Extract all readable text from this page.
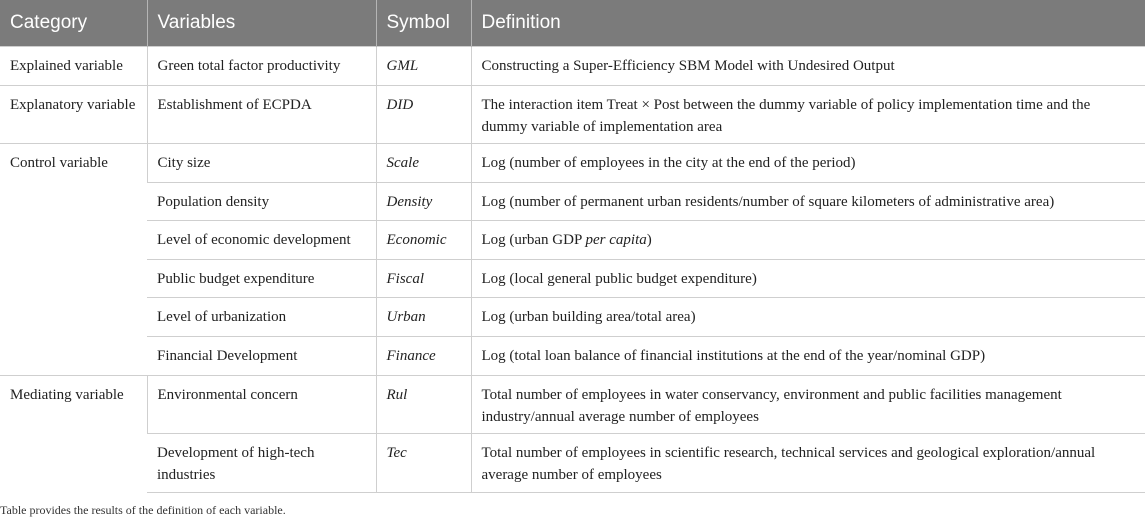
Category	Variables	Symbol	Definition
Explained variable	Green total factor productivity	GML	Constructing a Super-Efficiency SBM Model with Undesired Output
Explanatory variable	Establishment of ECPDA	DID	The interaction item Treat × Post between the dummy variable of policy implementation time and the dummy variable of implementation area
Control variable	City size	Scale	Log (number of employees in the city at the end of the period)
	Population density	Density	Log (number of permanent urban residents/number of square kilometers of administrative area)
	Level of economic development	Economic	Log (urban GDP per capita)
	Public budget expenditure	Fiscal	Log (local general public budget expenditure)
	Level of urbanization	Urban	Log (urban building area/total area)
	Financial Development	Finance	Log (total loan balance of financial institutions at the end of the year/nominal GDP)
Mediating variable	Environmental concern	Rul	Total number of employees in water conservancy, environment and public facilities management industry/annual average number of employees
	Development of high-tech industries	Tec	Total number of employees in scientific research, technical services and geological exploration/annual average number of employees
Table provides the results of the definition of each variable.
